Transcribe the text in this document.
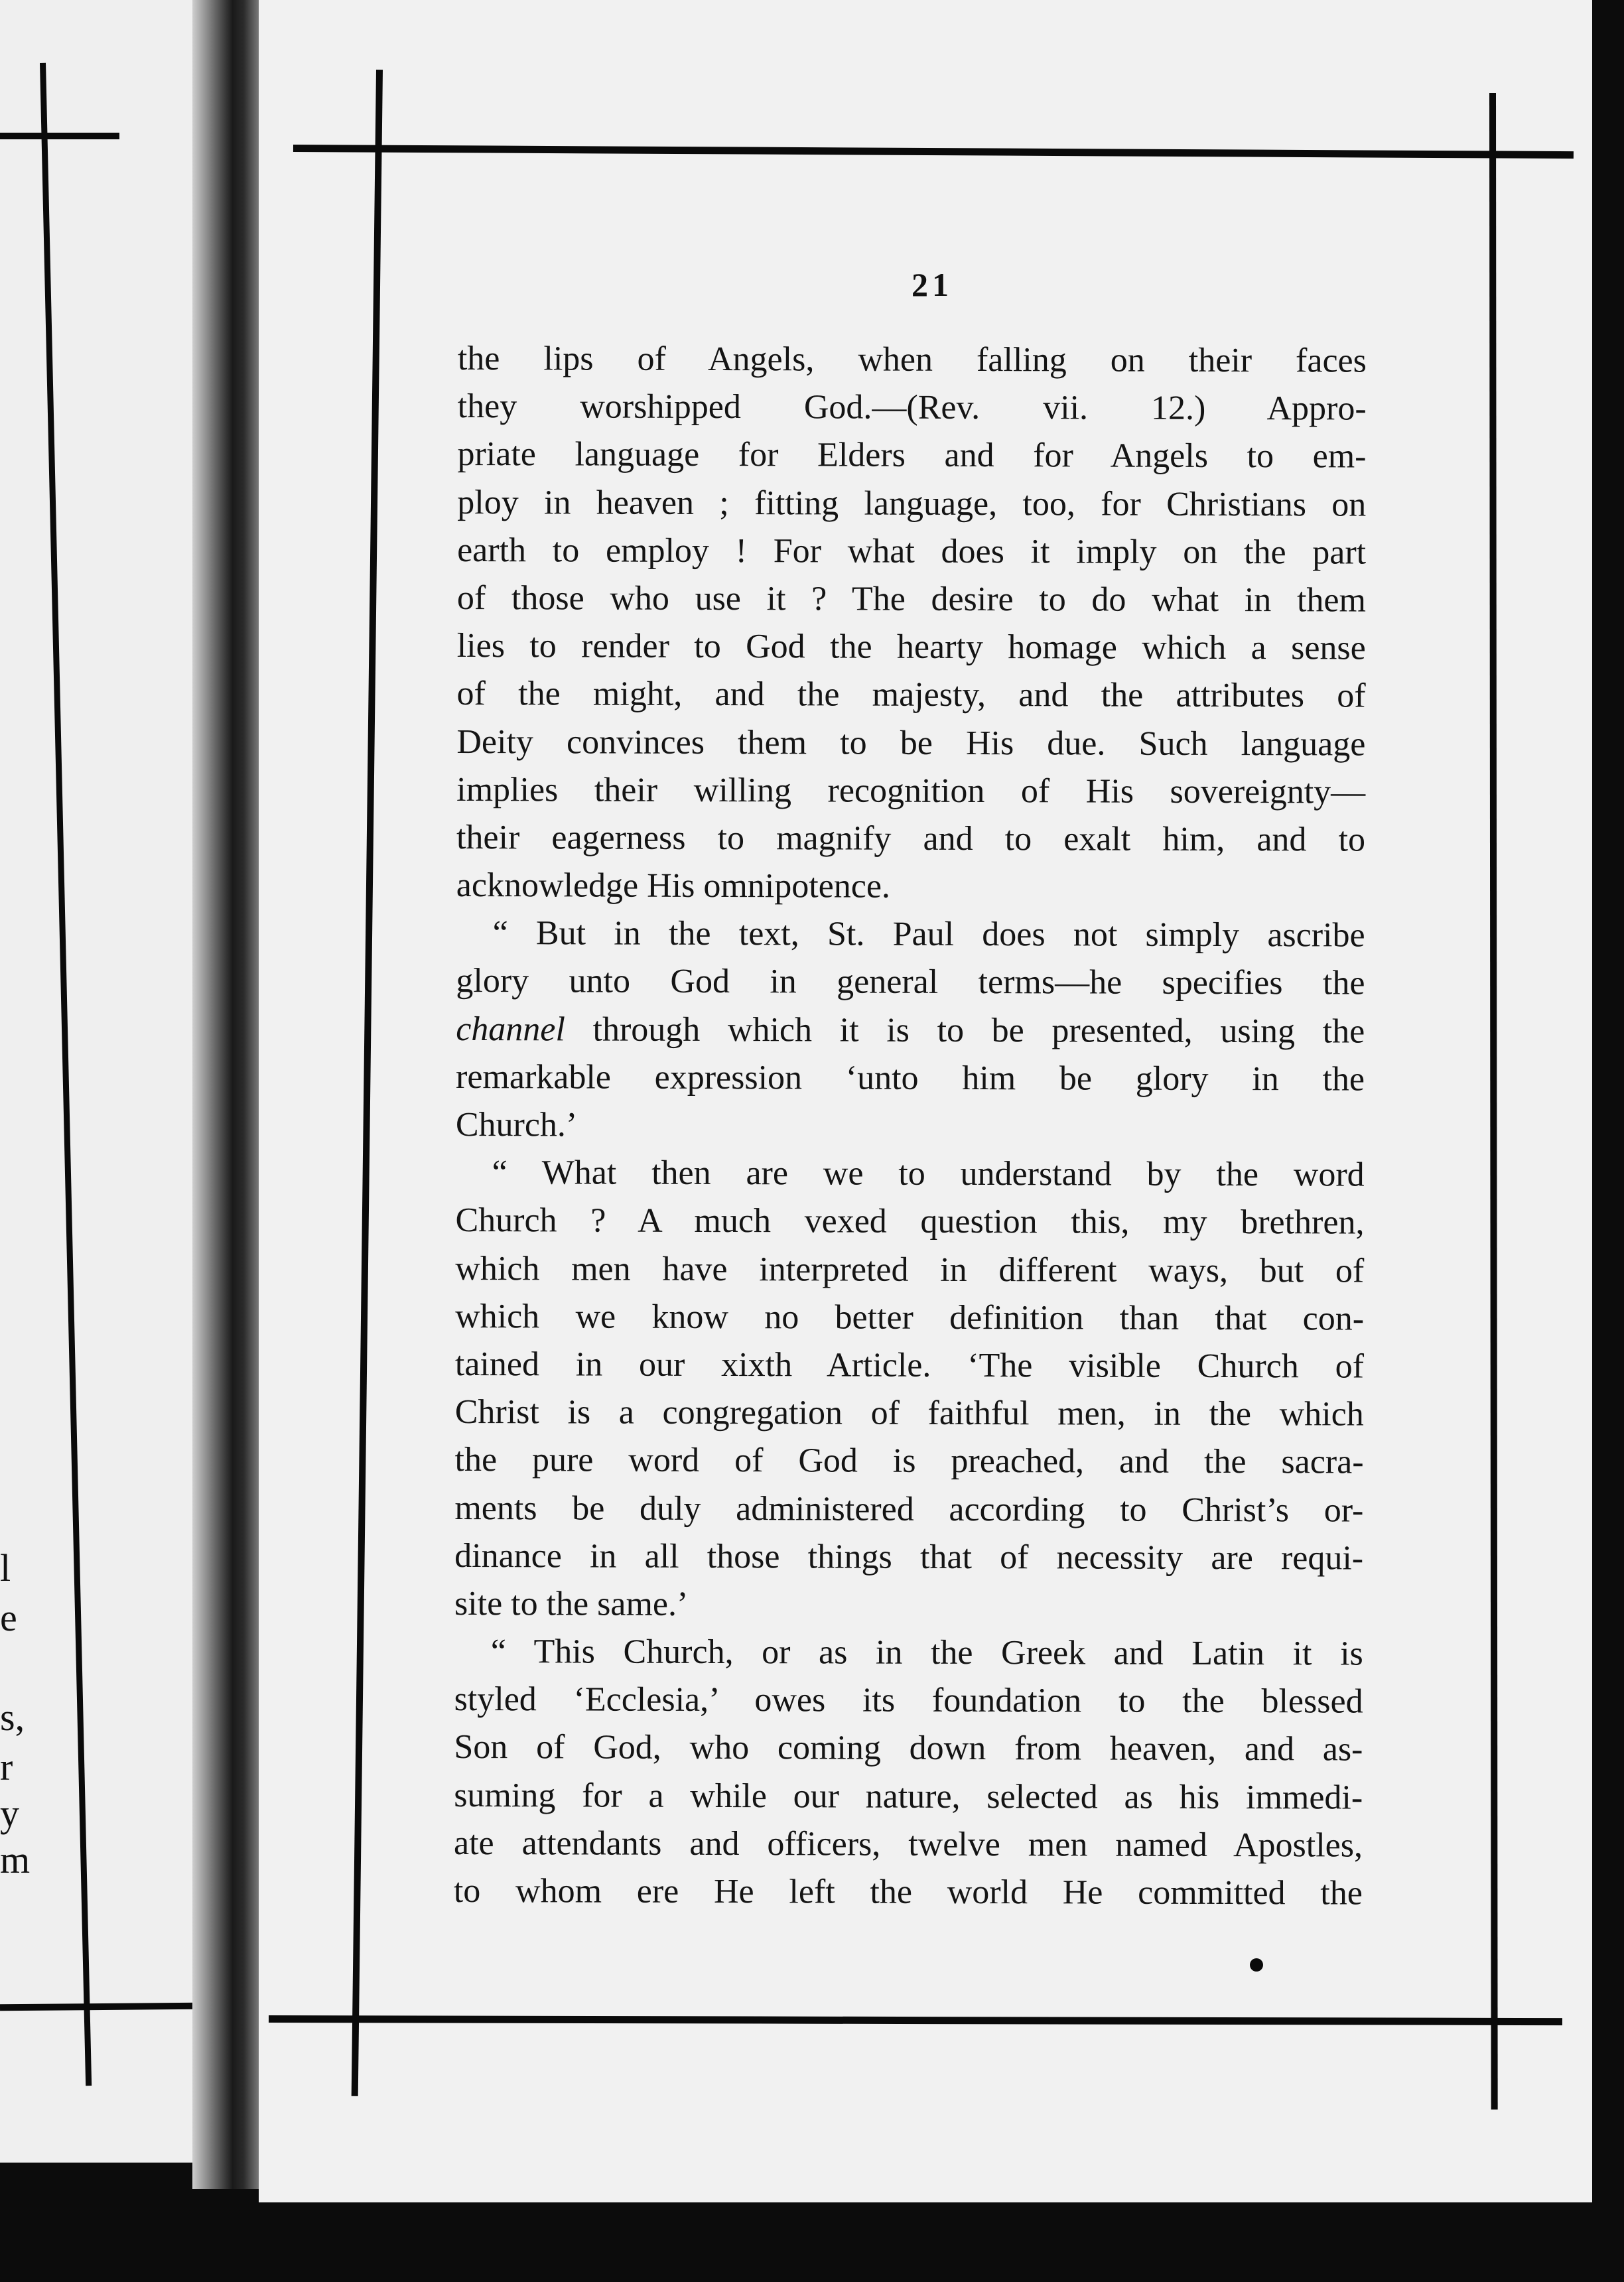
l
e
s,
r
y
m
21
the lips of Angels, when falling on their faces
they worshipped God.—(Rev. vii. 12.) Appro-
priate language for Elders and for Angels to em-
ploy in heaven ; fitting language, too, for Christians on
earth to employ ! For what does it imply on the part
of those who use it ? The desire to do what in them
lies to render to God the hearty homage which a sense
of the might, and the majesty, and the attributes of
Deity convinces them to be His due. Such language
implies their willing recognition of His sovereignty—
their eagerness to magnify and to exalt him, and to
acknowledge His omnipotence.
“ But in the text, St. Paul does not simply ascribe
glory unto God in general terms—he specifies the
channel through which it is to be presented, using the
remarkable expression ‘unto him be glory in the
Church.’
“ What then are we to understand by the word
Church ? A much vexed question this, my brethren,
which men have interpreted in different ways, but of
which we know no better definition than that con-
tained in our xixth Article. ‘The visible Church of
Christ is a congregation of faithful men, in the which
the pure word of God is preached, and the sacra-
ments be duly administered according to Christ’s or-
dinance in all those things that of necessity are requi-
site to the same.’
“ This Church, or as in the Greek and Latin it is
styled ‘Ecclesia,’ owes its foundation to the blessed
Son of God, who coming down from heaven, and as-
suming for a while our nature, selected as his immedi-
ate attendants and officers, twelve men named Apostles,
to whom ere He left the world He committed the
